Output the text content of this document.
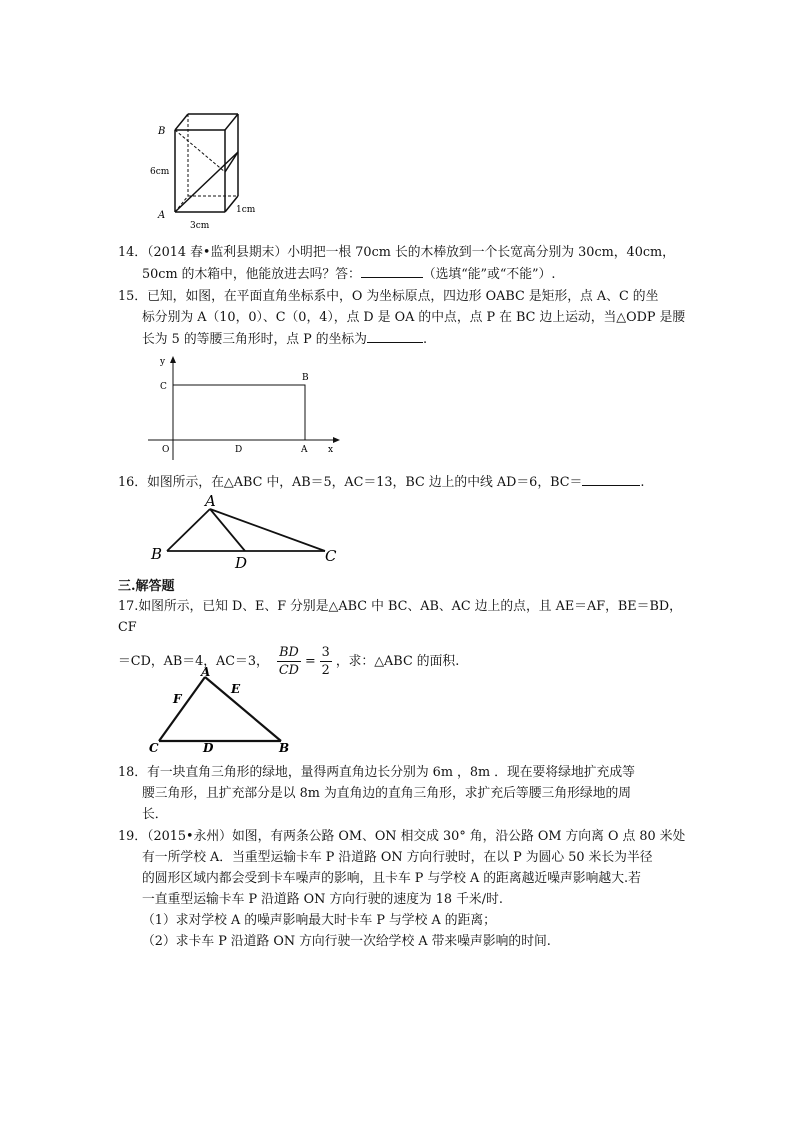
B
A
6cm
3cm
1cm
14．（2014 春•监利县期末）小明把一根 70cm 长的木棒放到一个长宽高分别为 30cm，40cm，
50cm 的木箱中，他能放进去吗？答：	（选填“能”或“不能”）.
15．已知，如图，在平面直角坐标系中，O 为坐标原点，四边形 OABC 是矩形，点 A、C 的坐
标分别为 A（10，0）、C（0，4），点 D 是 OA 的中点，点 P 在 BC 边上运动，当△ODP 是腰
长为 5 的等腰三角形时，点 P 的坐标为	.
y
x
C
B
O	D	A
16．如图所示，在△ABC 中，AB＝5，AC＝13，BC 边上的中线 AD＝6，BC＝	.
A
B	C
D
三.解答题
17.如图所示，已知 D、E、F 分别是△ABC 中 BC、AB、AC 边上的点，且 AE＝AF，BE＝BD，CF
＝CD，AB＝4，AC＝3， $\frac{BD}{CD} = \frac{3}{2}$ ，求：△ABC 的面积.
A
E
F
C	D	B
18．有一块直角三角形的绿地，量得两直角边长分别为 6m ，8m ．现在要将绿地扩充成等
腰三角形，且扩充部分是以 8m 为直角边的直角三角形，求扩充后等腰三角形绿地的周
长．
19．（2015•永州）如图，有两条公路 OM、ON 相交成 30° 角，沿公路 OM 方向离 O 点 80 米处
有一所学校 A．当重型运输卡车 P 沿道路 ON 方向行驶时，在以 P 为圆心 50 米长为半径
的圆形区域内都会受到卡车噪声的影响，且卡车 P 与学校 A 的距离越近噪声影响越大.若
一直重型运输卡车 P 沿道路 ON 方向行驶的速度为 18 千米/时.
（1）求对学校 A 的噪声影响最大时卡车 P 与学校 A 的距离；
（2）求卡车 P 沿道路 ON 方向行驶一次给学校 A 带来噪声影响的时间.
